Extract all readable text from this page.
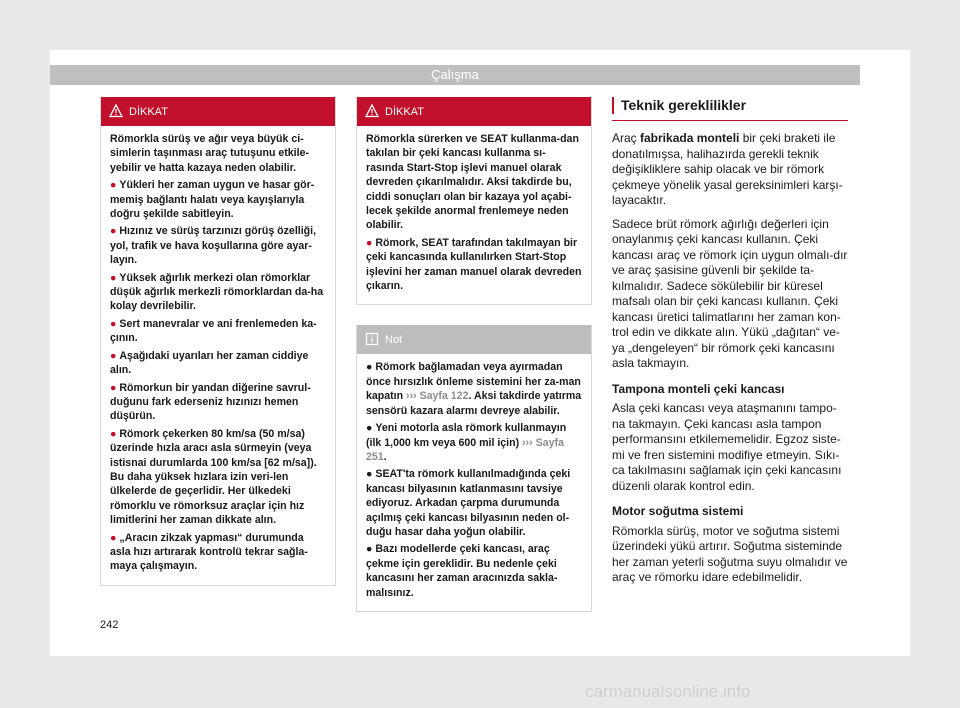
Çalışma
DİKKAT

Römorkla sürüş ve ağır veya büyük ci-simlerin taşınması araç tutuşunu etkile-yebilir ve hatta kazaya neden olabilir.

● Yükleri her zaman uygun ve hasar gör-memiş bağlantı halatı veya kayışlarıyla doğru şekilde sabitleyin.

● Hızınız ve sürüş tarzınızı görüş özelliği, yol, trafik ve hava koşullarına göre ayar-layın.

● Yüksek ağırlık merkezi olan römorklar düşük ağırlık merkezli römorklardan da-ha kolay devrilebilir.

● Sert manevralar ve ani frenlemeden ka-çının.

● Aşağıdaki uyarıları her zaman ciddiye alın.

● Römorkun bir yandan diğerine savrul-duğunu fark ederseniz hızınızı hemen düşürün.

● Römork çekerken 80 km/sa (50 m/sa) üzerinde hızla aracı asla sürmeyin (veya istisnai durumlarda 100 km/sa [62 m/sa]). Bu daha yüksek hızlara izin veri-len ülkelerde de geçerlidir. Her ülkedeki römorklu ve römorksuz araçlar için hız limitlerini her zaman dikkate alın.

● „Aracın zikzak yapması“ durumunda asla hızı artırarak kontrolü tekrar sağla-maya çalışmayın.

DİKKAT

Römorkla sürerken ve SEAT kullanma-dan takılan bir çeki kancası kullanma sı-rasında Start-Stop işlevi manuel olarak devreden çıkarılmalıdır. Aksi takdirde bu, ciddi sonuçları olan bir kazaya yol açabi-lecek şekilde anormal frenlemeye neden olabilir.

● Römork, SEAT tarafından takılmayan bir çeki kancasında kullanılırken Start-Stop işlevini her zaman manuel olarak devreden çıkarın.

Not

● Römork bağlamadan veya ayırmadan önce hırsızlık önleme sistemini her za-man kapatın ››› Sayfa 122. Aksi takdirde yatırma sensörü kazara alarmı devreye alabilir.

● Yeni motorla asla römork kullanmayın (ilk 1,000 km veya 600 mil için) ››› Sayfa 251.

● SEAT'ta römork kullanılmadığında çeki kancası bilyasının katlanmasını tavsiye ediyoruz. Arkadan çarpma durumunda açılmış çeki kancası bilyasının neden ol-duğu hasar daha yoğun olabilir.

● Bazı modellerde çeki kancası, araç çekme için gereklidir. Bu nedenle çeki kancasını her zaman aracınızda sakla-malısınız.

Teknik gereklilikler

Araç fabrikada monteli bir çeki braketi ile donatılmışsa, halihazırda gerekli teknik değişikliklere sahip olacak ve bir römork çekmeye yönelik yasal gereksinimleri karşı-layacaktır.

Sadece brüt römork ağırlığı değerleri için onaylanmış çeki kancası kullanın. Çeki kancası araç ve römork için uygun olmalı-dır ve araç şasisine güvenli bir şekilde ta-kılmalıdır. Sadece sökülebilir bir küresel mafsalı olan bir çeki kancası kullanın. Çeki kancası üretici talimatlarını her zaman kon-trol edin ve dikkate alın. Yükü „dağıtan“ ve-ya „dengeleyen“ bir römork çeki kancasını asla takmayın.

Tampona monteli çeki kancası

Asla çeki kancası veya ataşmanını tampo-na takmayın. Çeki kancası asla tampon performansını etkilememelidir. Egzoz siste-mi ve fren sistemini modifiye etmeyin. Sıkı-ca takılmasını sağlamak için çeki kancasını düzenli olarak kontrol edin.

Motor soğutma sistemi

Römorkla sürüş, motor ve soğutma sistemi üzerindeki yükü artırır. Soğutma sisteminde her zaman yeterli soğutma suyu olmalıdır ve araç ve römorku idare edebilmelidir.

242
carmanualsonline.info
